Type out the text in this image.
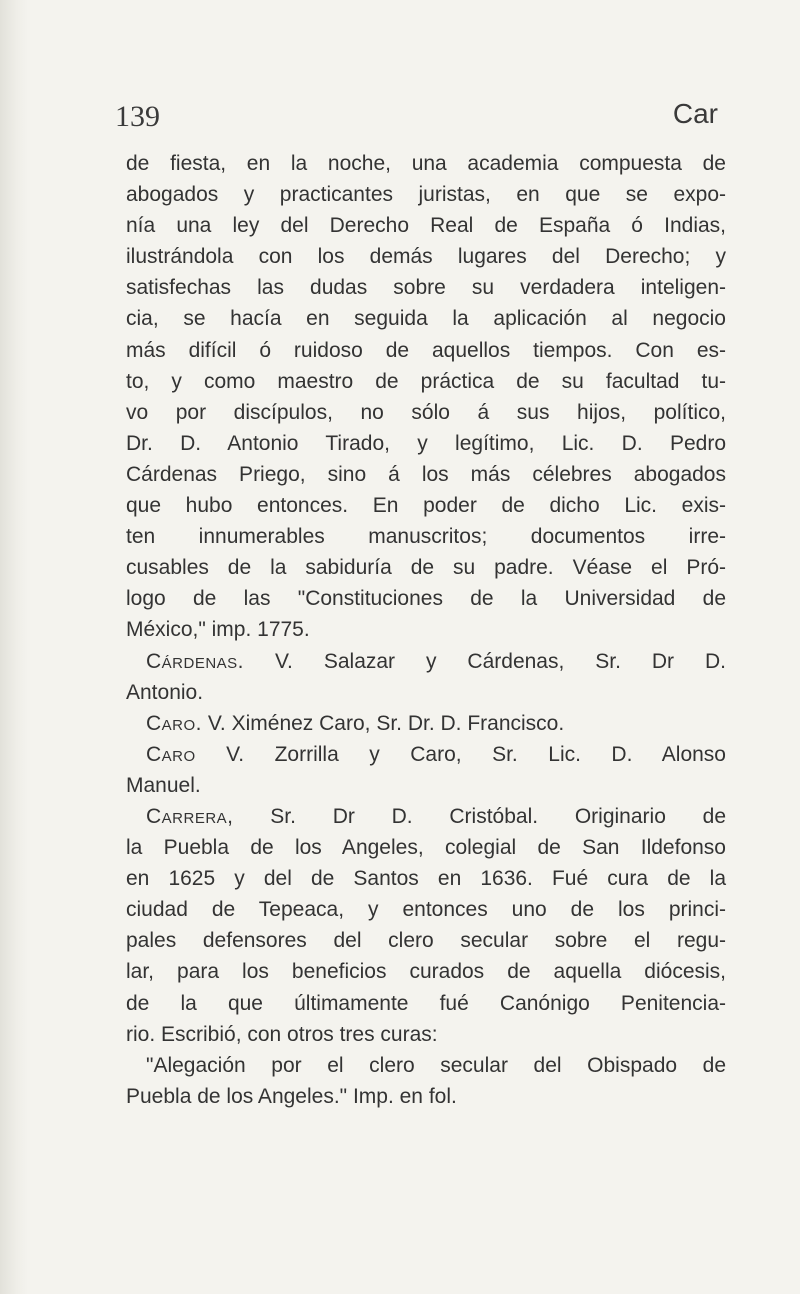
139	Car
de fiesta, en la noche, una academia compuesta de
abogados y practicantes juristas, en que se expo-
nía una ley del Derecho Real de España ó Indias,
ilustrándola con los demás lugares del Derecho; y
satisfechas las dudas sobre su verdadera inteligen-
cia, se hacía en seguida la aplicación al negocio
más difícil ó ruidoso de aquellos tiempos. Con es-
to, y como maestro de práctica de su facultad tu-
vo por discípulos, no sólo á sus hijos, político,
Dr. D. Antonio Tirado, y legítimo, Lic. D. Pedro
Cárdenas Priego, sino á los más célebres abogados
que hubo entonces. En poder de dicho Lic. exis-
ten innumerables manuscritos; documentos irre-
cusables de la sabiduría de su padre. Véase el Pró-
logo de las "Constituciones de la Universidad de
México," imp. 1775.
Cárdenas. V. Salazar y Cárdenas, Sr. Dr D.
Antonio.
Caro. V. Ximénez Caro, Sr. Dr. D. Francisco.
Caro V. Zorrilla y Caro, Sr. Lic. D. Alonso
Manuel.
Carrera, Sr. Dr D. Cristóbal. Originario de
la Puebla de los Angeles, colegial de San Ildefonso
en 1625 y del de Santos en 1636. Fué cura de la
ciudad de Tepeaca, y entonces uno de los princi-
pales defensores del clero secular sobre el regu-
lar, para los beneficios curados de aquella diócesis,
de la que últimamente fué Canónigo Penitencia-
rio. Escribió, con otros tres curas:
"Alegación por el clero secular del Obispado de
Puebla de los Angeles." Imp. en fol.
